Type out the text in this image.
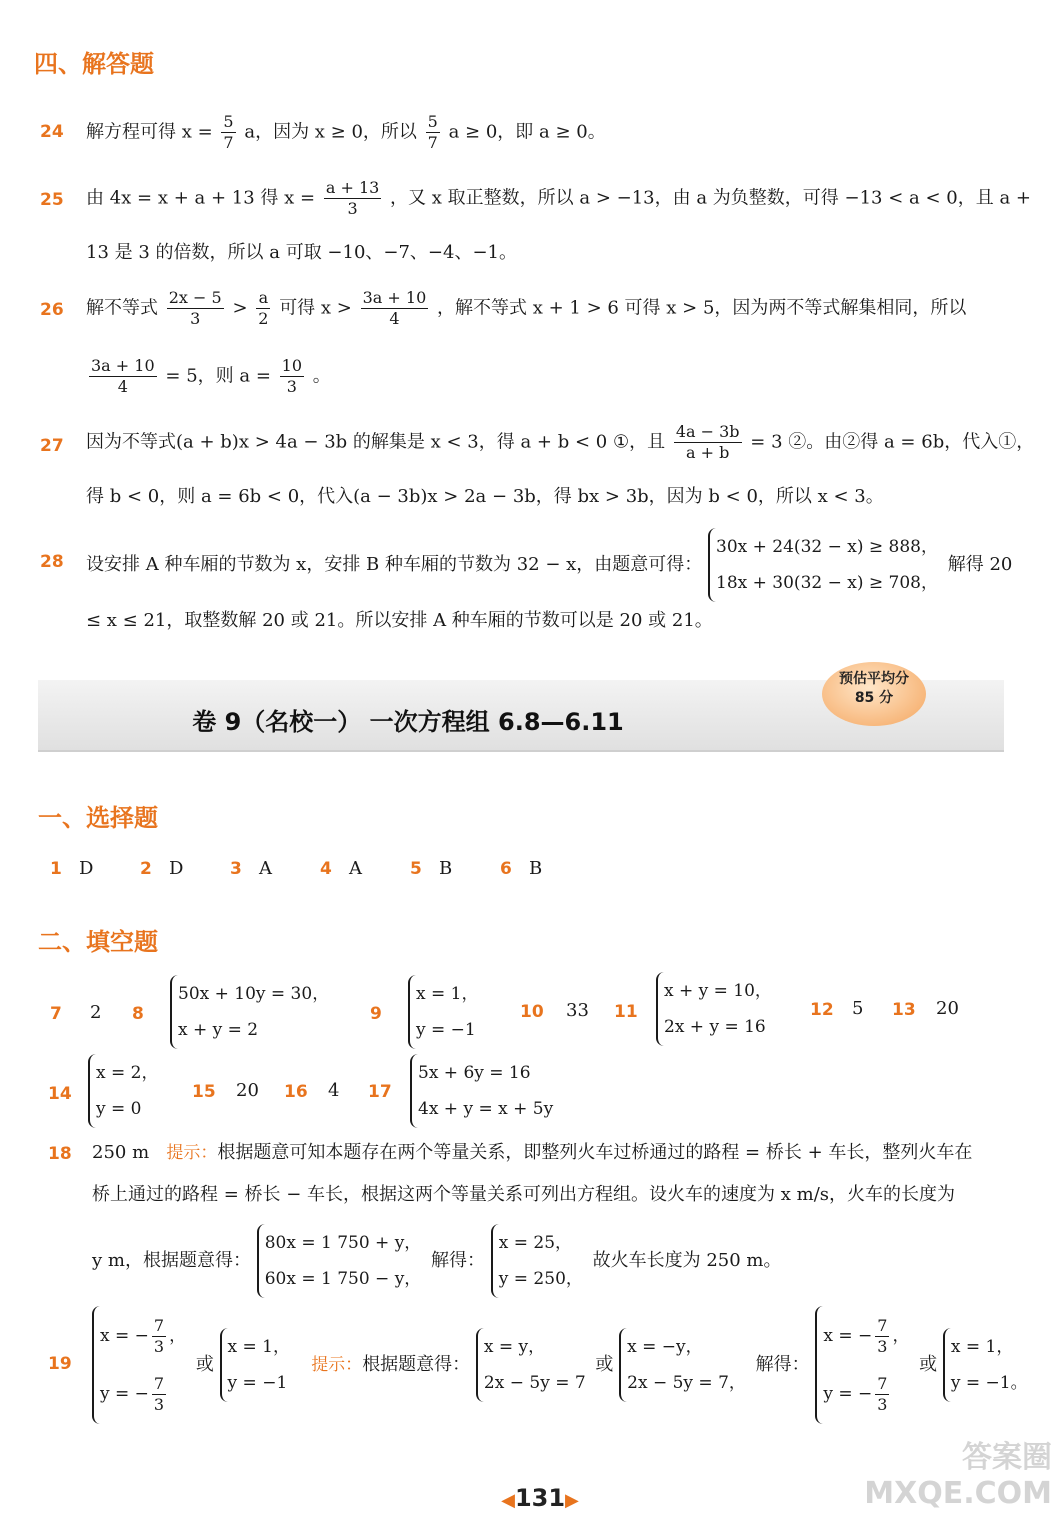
四、解答题
24 解方程可得 $x = \frac{5}{7}$ a，因为 x ≥ 0，所以 $\frac{5}{7}$ a ≥ 0，即 a ≥ 0。
25 由 4x = x + a + 13 得 $x = \frac{a + 13}{3}$ ，又 x 取正整数，所以 a > −13，由 a 为负整数，可得 −13 < a < 0，且 a +
13 是 3 的倍数，所以 a 可取 −10、−7、−4、−1。
26 解不等式 $\frac{2x - 5}{3} > \frac{a}{2}$ 可得 $x > \frac{3a + 10}{4}$ ，解不等式 x + 1 > 6 可得 x > 5，因为两不等式解集相同，所以
$\frac{3a + 10}{4} = 5$，则 $a = \frac{10}{3}$ 。
27 因为不等式(a + b)x > 4a − 3b 的解集是 x < 3，得 a + b < 0 ①，且 $\frac{4a - 3b}{a + b} = 3$ ②。由②得 a = 6b，代入①，
得 b < 0，则 a = 6b < 0，代入(a − 3b)x > 2a − 3b，得 bx > 3b，因为 b < 0，所以 x < 3。
28 设安排 A 种车厢的节数为 x，安排 B 种车厢的节数为 32 − x，由题意可得：
30x + 24(32 − x) ≥ 888，
18x + 30(32 − x) ≥ 708，
解得 20
≤ x ≤ 21，取整数解 20 或 21。所以安排 A 种车厢的节数可以是 20 或 21。
卷 9（名校一） 一次方程组 6.8—6.11
预估平均分
85 分
一、选择题
1 D	2 D	3 A	4 A	5 B	6 B
二、填空题
7 2 8
50x + 10y = 30，
x + y = 2
9
x = 1，
y = −1
10 33 11
x + y = 10，
2x + y = 16
12 5 13 20
14
x = 2，
y = 0
15 20 16 4 17
5x + 6y = 16
4x + y = x + 5y
18 250 m 提示：根据题意可知本题存在两个等量关系，即整列火车过桥通过的路程 = 桥长 + 车长，整列火车在
桥上通过的路程 = 桥长 − 车长，根据这两个等量关系可列出方程组。设火车的速度为 x m/s，火车的长度为
y m，根据题意得：
80x = 1 750 + y，
60x = 1 750 − y，
解得：
x = 25，
y = 250，
故火车长度为 250 m。
19
x = − $\frac{7}{3}$ ，
y = − $\frac{7}{3}$
或
x = 1，
y = −1
提示：根据题意得：
x = y，
2x − 5y = 7
或
x = −y，
2x − 5y = 7，
解得：
x = − $\frac{7}{3}$ ，
y = − $\frac{7}{3}$
或
x = 1，
y = −1。
◀131▶
答案圈
MXQE.COM
